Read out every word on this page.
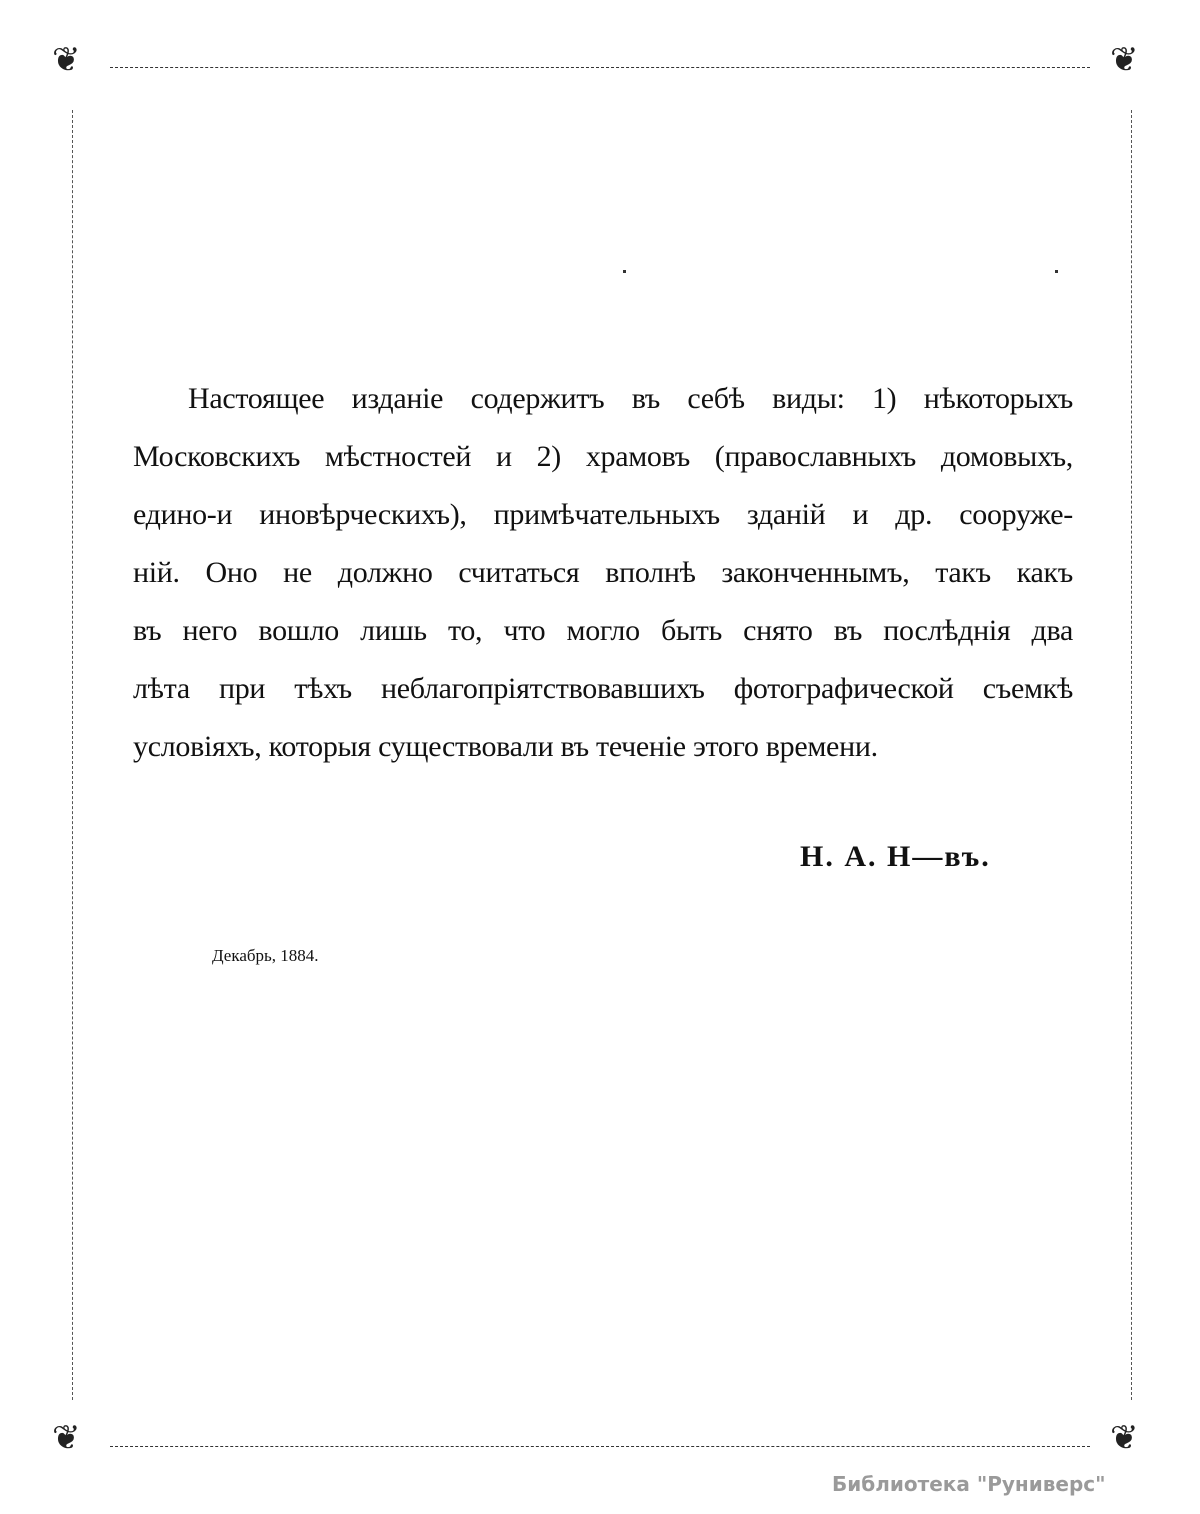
❦	❦
❦	❦
Настоящее изданіе содержитъ въ себѣ виды: 1) нѣкоторыхъ
Московскихъ мѣстностей и 2) храмовъ (православныхъ домовыхъ,
едино-и иновѣрческихъ), примѣчательныхъ зданій и др. сооруже-
ній. Оно не должно считаться вполнѣ законченнымъ, такъ какъ
въ него вошло лишь то, что могло быть снято въ послѣднія два
лѣта при тѣхъ неблагопріятствовавшихъ фотографической съемкѣ
условіяхъ, которыя существовали въ теченіе этого времени.
Н. А. Н—въ.
Декабрь, 1884.
Библиотека "Руниверс"
